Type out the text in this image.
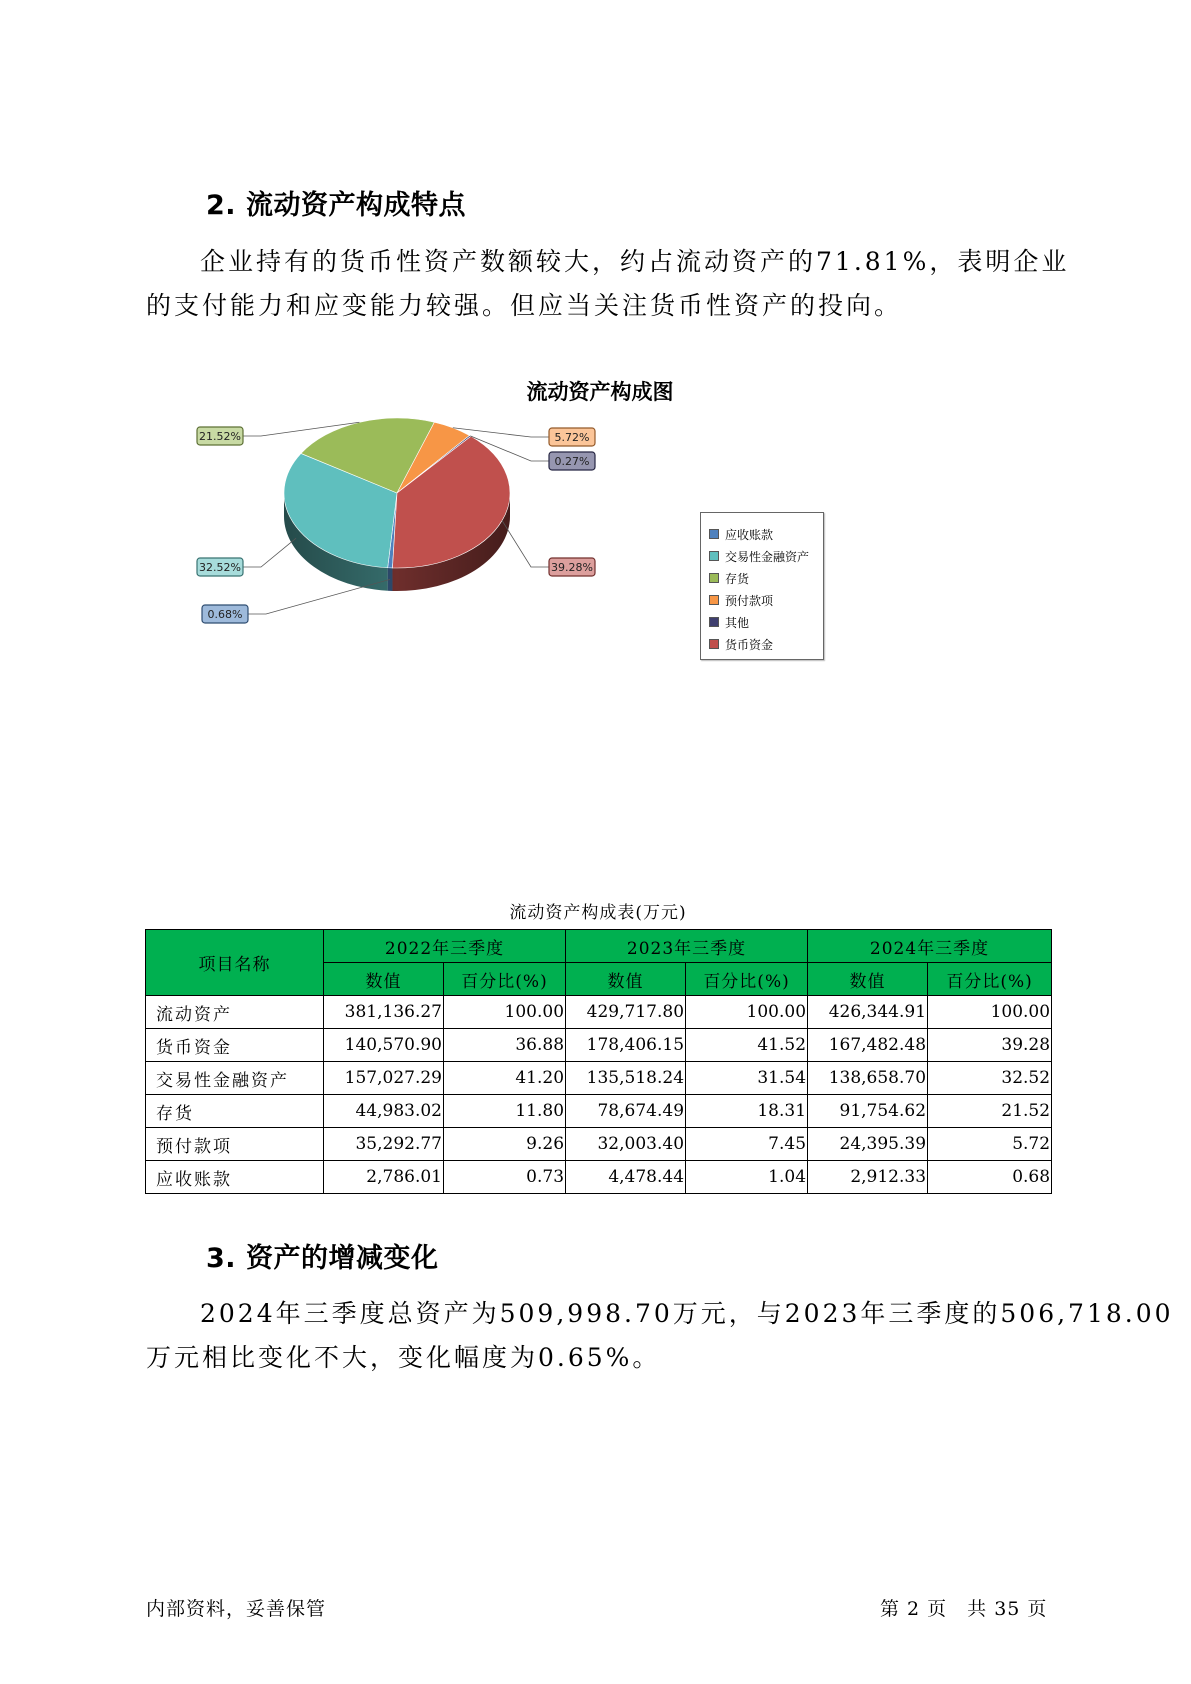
2. 流动资产构成特点

企业持有的货币性资产数额较大，约占流动资产的71.81%，表明企业
的支付能力和应变能力较强。但应当关注货币性资产的投向。

流动资产构成图
0.68%
32.52%
21.52%	5.72%
0.27%
39.28%
应收账款
交易性金融资产
存货
预付款项
其他
货币资金
流动资产构成表(万元)
项目名称	2022年三季度		2023年三季度		2024年三季度	
	数值	百分比(%)	数值	百分比(%)	数值	百分比(%)
流动资产	381,136.27	100.00	429,717.80	100.00	426,344.91	100.00
货币资金	140,570.90	36.88	178,406.15	41.52	167,482.48	39.28
交易性金融资产	157,027.29	41.20	135,518.24	31.54	138,658.70	32.52
存货	44,983.02	11.80	78,674.49	18.31	91,754.62	21.52
预付款项	35,292.77	9.26	32,003.40	7.45	24,395.39	5.72
应收账款	2,786.01	0.73	4,478.44	1.04	2,912.33	0.68
3. 资产的增减变化

2024年三季度总资产为509,998.70万元，与2023年三季度的506,718.00
万元相比变化不大，变化幅度为0.65%。

内部资料，妥善保管	第 2 页　共 35 页
